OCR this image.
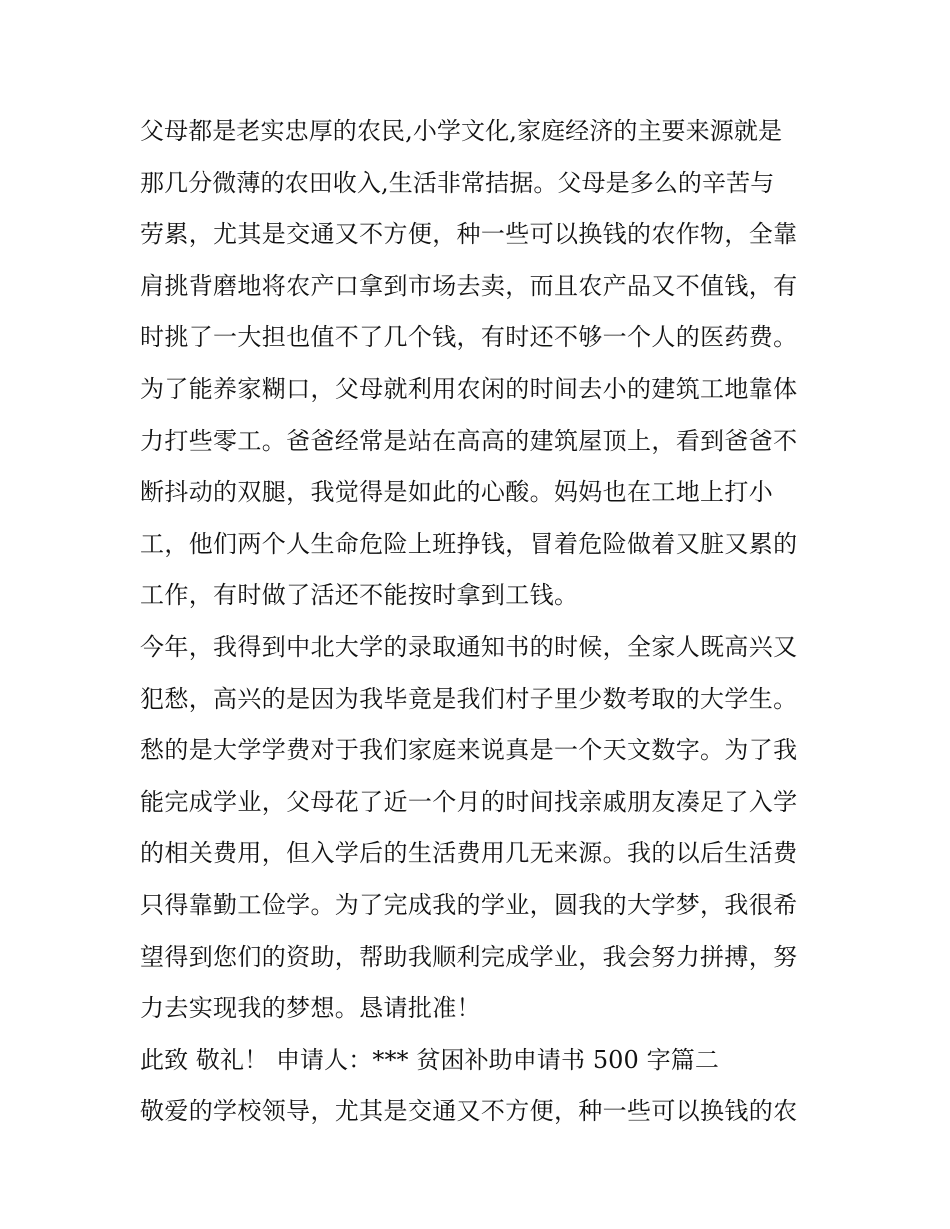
父母都是老实忠厚的农民,小学文化,家庭经济的主要来源就是
那几分微薄的农田收入,生活非常拮据。父母是多么的辛苦与
劳累，尤其是交通又不方便，种一些可以换钱的农作物，全靠
肩挑背磨地将农产口拿到市场去卖，而且农产品又不值钱，有
时挑了一大担也值不了几个钱，有时还不够一个人的医药费。
为了能养家糊口，父母就利用农闲的时间去小的建筑工地靠体
力打些零工。爸爸经常是站在高高的建筑屋顶上，看到爸爸不
断抖动的双腿，我觉得是如此的心酸。妈妈也在工地上打小
工，他们两个人生命危险上班挣钱，冒着危险做着又脏又累的
工作，有时做了活还不能按时拿到工钱。
今年，我得到中北大学的录取通知书的时候，全家人既高兴又
犯愁，高兴的是因为我毕竟是我们村子里少数考取的大学生。
愁的是大学学费对于我们家庭来说真是一个天文数字。为了我
能完成学业，父母花了近一个月的时间找亲戚朋友凑足了入学
的相关费用，但入学后的生活费用几无来源。我的以后生活费
只得靠勤工俭学。为了完成我的学业，圆我的大学梦，我很希
望得到您们的资助，帮助我顺利完成学业，我会努力拼搏，努
力去实现我的梦想。恳请批准！
此致 敬礼！ 申请人：*** 贫困补助申请书 500 字篇二
敬爱的学校领导，尤其是交通又不方便，种一些可以换钱的农
